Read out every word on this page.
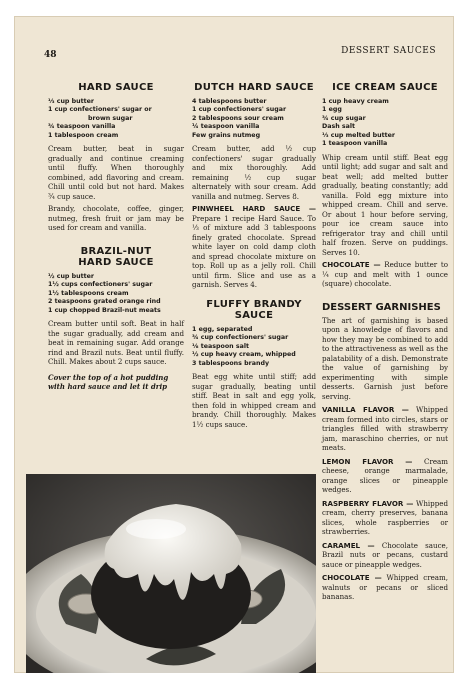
48	DESSERT SAUCES
HARD SAUCE
⅓ cup butter
1 cup confectioners' sugar or
brown sugar
¾ teaspoon vanilla
1 tablespoon cream

Cream butter, beat in sugar gradually and continue creaming until fluffy. When thoroughly combined, add flavoring and cream. Chill until cold but not hard. Makes ¾ cup sauce.

Brandy, chocolate, coffee, ginger, nutmeg, fresh fruit or jam may be used for cream and vanilla.

BRAZIL-NUT
HARD SAUCE
½ cup butter
1½ cups confectioners' sugar
1½ tablespoons cream
2 teaspoons grated orange rind
1 cup chopped Brazil-nut meats

Cream butter until soft. Beat in half the sugar gradually, add cream and beat in remaining sugar. Add orange rind and Brazil nuts. Beat until fluffy. Chill. Makes about 2 cups sauce.

Cover the top of a hot pudding with hard sauce and let it drip
DUTCH HARD SAUCE
4 tablespoons butter
1 cup confectioners' sugar
2 tablespoons sour cream
¼ teaspoon vanilla
Few grains nutmeg

Cream butter, add ½ cup confectioners' sugar gradually and mix thoroughly. Add remaining ½ cup sugar alternately with sour cream. Add vanilla and nutmeg. Serves 8.

PINWHEEL HARD SAUCE — Prepare 1 recipe Hard Sauce. To ⅓ of mixture add 3 tablespoons finely grated chocolate. Spread white layer on cold damp cloth and spread chocolate mixture on top. Roll up as a jelly roll. Chill until firm. Slice and use as a garnish. Serves 4.

FLUFFY BRANDY
SAUCE
1 egg, separated
¾ cup confectioners' sugar
⅛ teaspoon salt
½ cup heavy cream, whipped
3 tablespoons brandy

Beat egg white until stiff; add sugar gradually, beating until stiff. Beat in salt and egg yolk, then fold in whipped cream and brandy. Chill thoroughly. Makes 1½ cups sauce.

ICE CREAM SAUCE
1 cup heavy cream
1 egg
¾ cup sugar
Dash salt
⅓ cup melted butter
1 teaspoon vanilla

Whip cream until stiff. Beat egg until light; add sugar and salt and beat well; add melted butter gradually, beating constantly; add vanilla. Fold egg mixture into whipped cream. Chill and serve. Or about 1 hour before serving, pour ice cream sauce into refrigerator tray and chill until half frozen. Serve on puddings. Serves 10.

CHOCOLATE — Reduce butter to ¼ cup and melt with 1 ounce (square) chocolate.

DESSERT GARNISHES

The art of garnishing is based upon a knowledge of flavors and how they may be combined to add to the attractiveness as well as the palatability of a dish. Demonstrate the value of garnishing by experimenting with simple desserts. Garnish just before serving.

VANILLA FLAVOR — Whipped cream formed into circles, stars or triangles filled with strawberry jam, maraschino cherries, or nut meats.

LEMON FLAVOR — Cream cheese, orange marmalade, orange slices or pineapple wedges.

RASPBERRY FLAVOR — Whipped cream, cherry preserves, banana slices, whole raspberries or strawberries.

CARAMEL — Chocolate sauce, Brazil nuts or pecans, custard sauce or pineapple wedges.

CHOCOLATE — Whipped cream, walnuts or pecans or sliced bananas.
